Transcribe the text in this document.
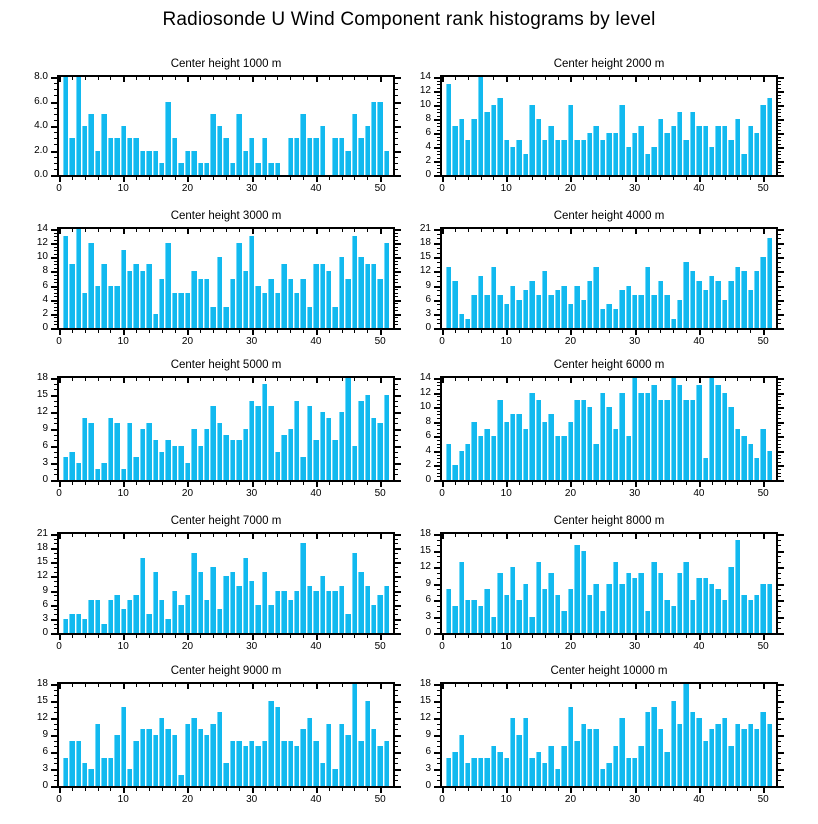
Radiosonde U Wind Component rank histograms by level
Center height 1000 m
0.0
2.0
4.0
6.0
8.0
0	10	20	30	40	50
Center height 2000 m
0
2
4
6
8
10
12
14
0	10	20	30	40	50
Center height 3000 m
0
2
4
6
8
10
12
14
0	10	20	30	40	50
Center height 4000 m
0
3
6
9
12
15
18
21
0	10	20	30	40	50
Center height 5000 m
0
3
6
9
12
15
18
0	10	20	30	40	50
Center height 6000 m
0
2
4
6
8
10
12
14
0	10	20	30	40	50
Center height 7000 m
0
3
6
9
12
15
18
21
0	10	20	30	40	50
Center height 8000 m
0
3
6
9
12
15
18
0	10	20	30	40	50
Center height 9000 m
0
3
6
9
12
15
18
0	10	20	30	40	50
Center height 10000 m
0
3
6
9
12
15
18
0	10	20	30	40	50
